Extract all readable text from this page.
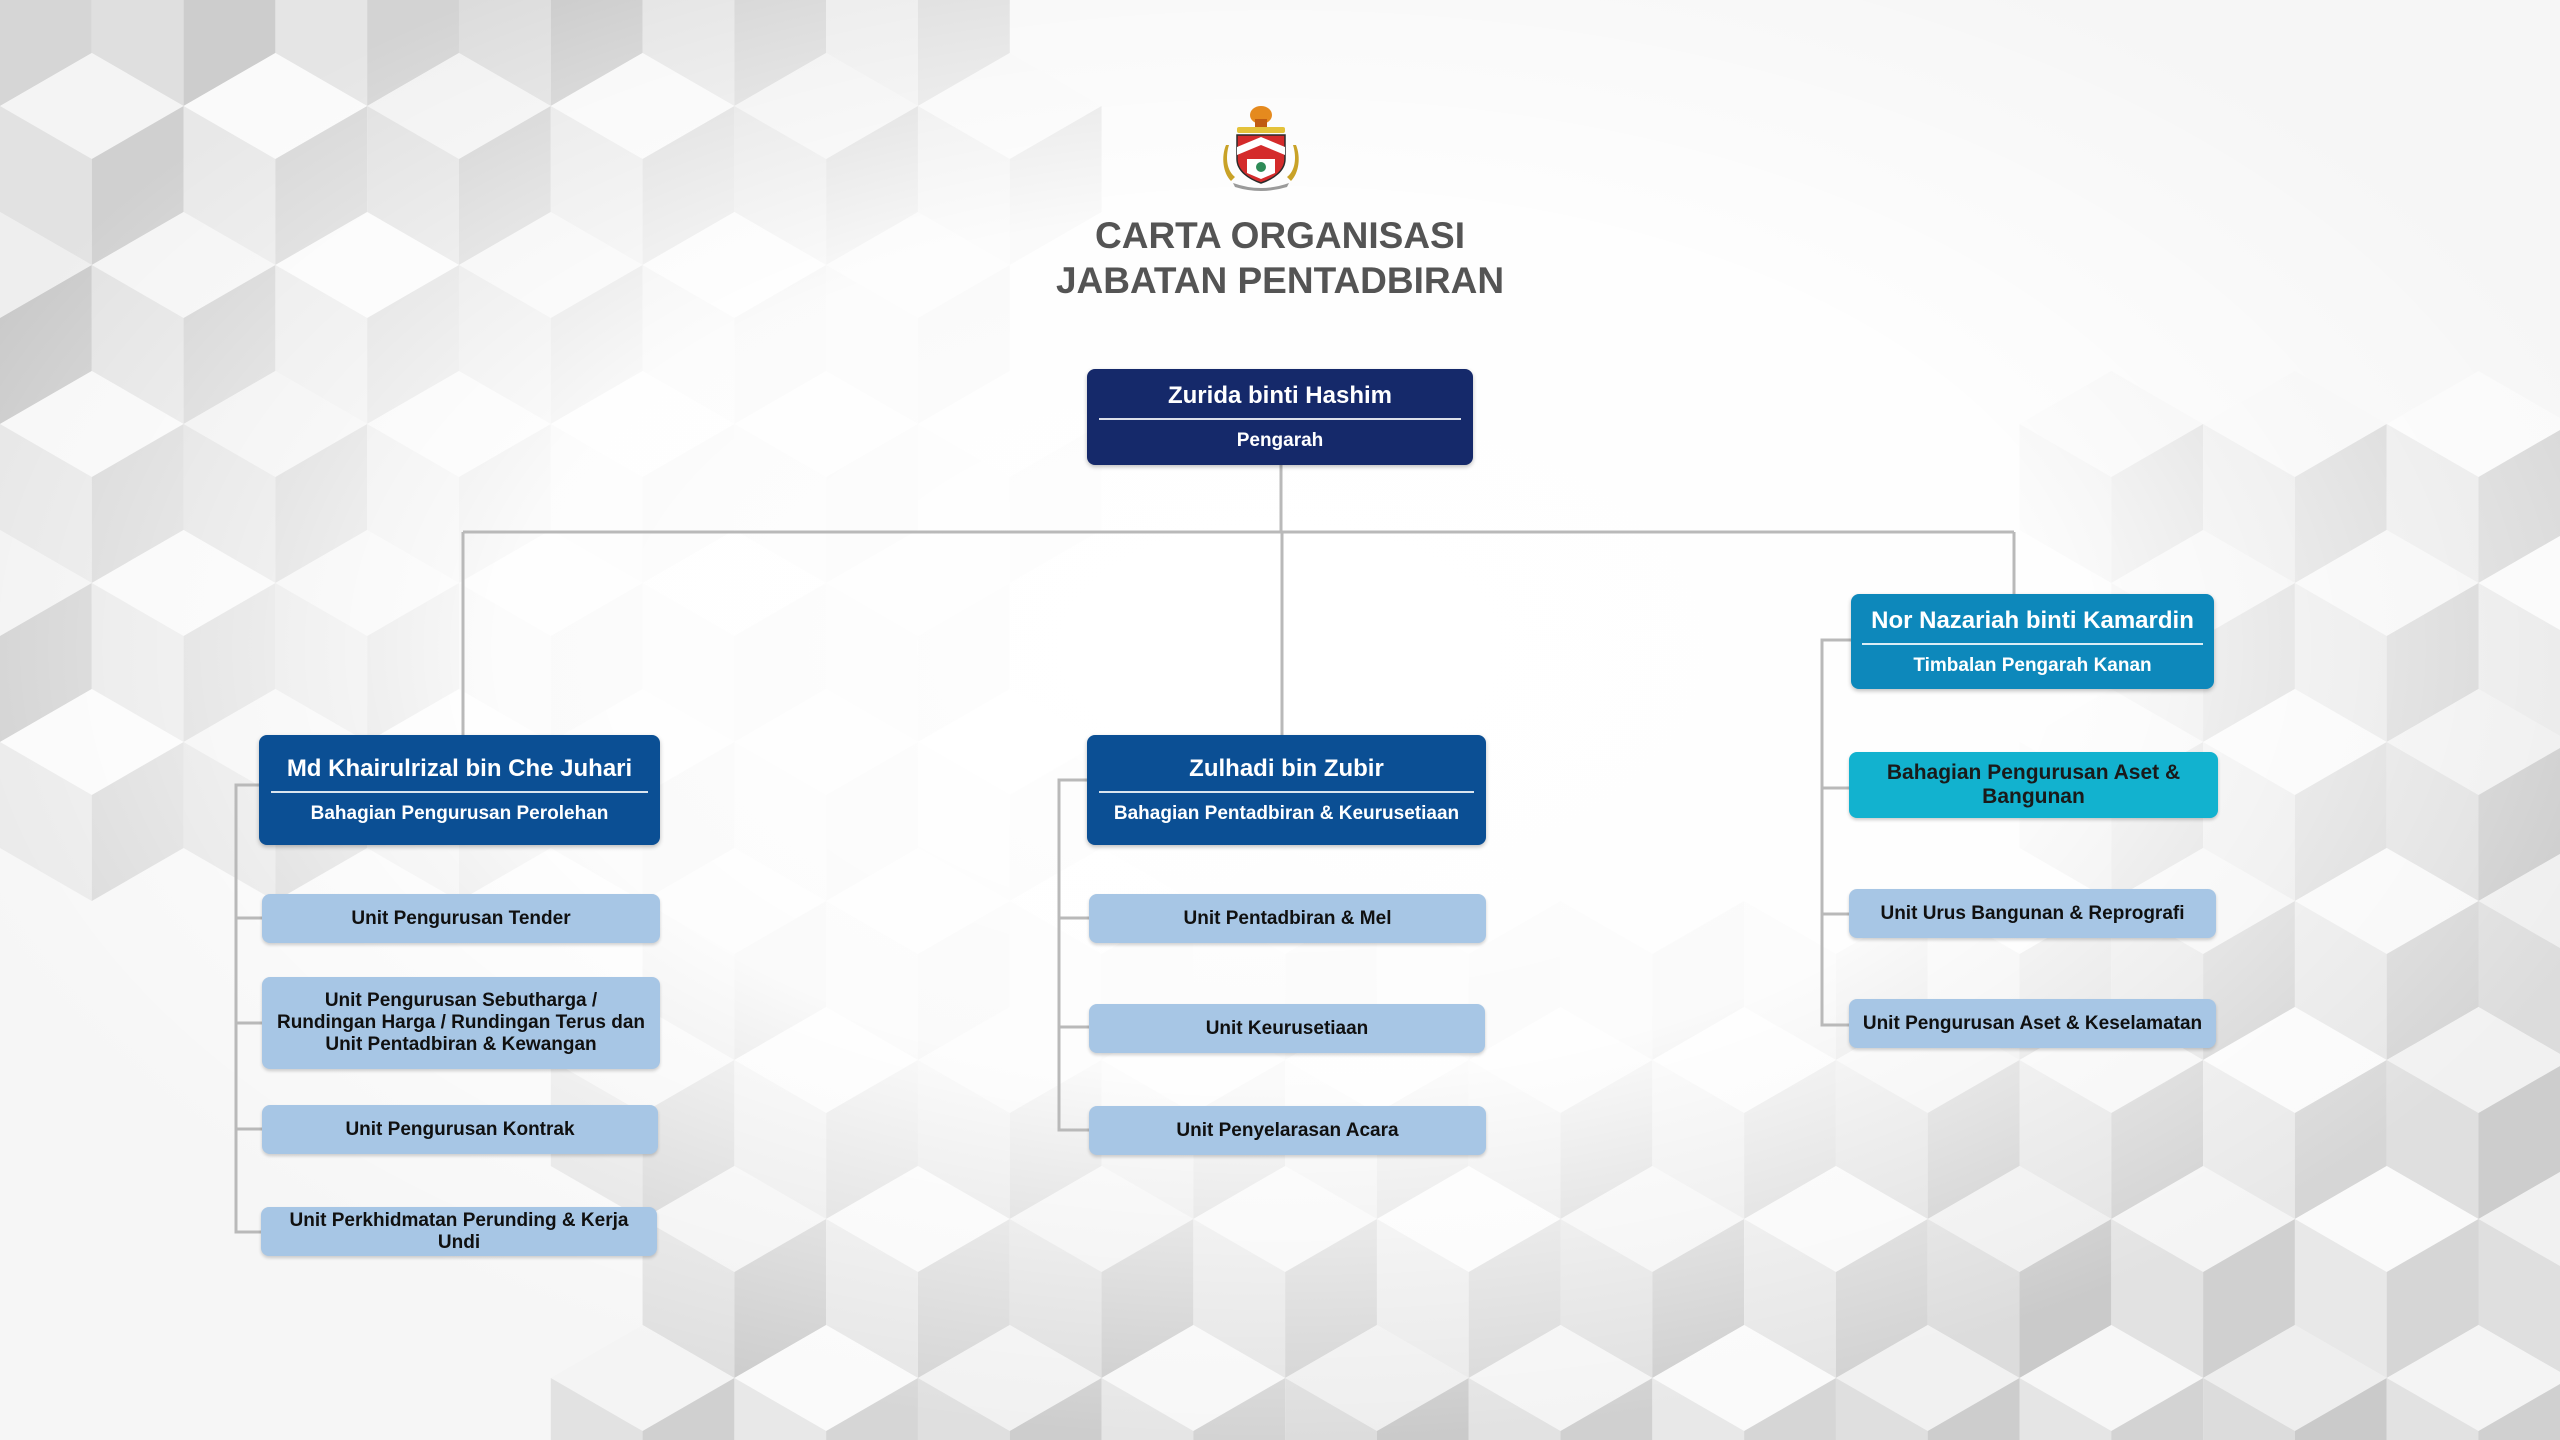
CARTA ORGANISASI
JABATAN PENTADBIRAN
Zurida binti Hashim
Pengarah
Nor Nazariah binti Kamardin
Timbalan Pengarah Kanan
Md Khairulrizal bin Che Juhari
Bahagian Pengurusan Perolehan
Zulhadi bin Zubir
Bahagian Pentadbiran & Keurusetiaan
Bahagian Pengurusan Aset & Bangunan
Unit Pengurusan Tender
Unit Pengurusan Sebutharga / Rundingan Harga / Rundingan Terus dan Unit Pentadbiran & Kewangan
Unit Pengurusan Kontrak
Unit Perkhidmatan Perunding & Kerja Undi
Unit Pentadbiran & Mel
Unit Keurusetiaan
Unit Penyelarasan Acara
Unit Urus Bangunan & Reprografi
Unit Pengurusan Aset & Keselamatan
